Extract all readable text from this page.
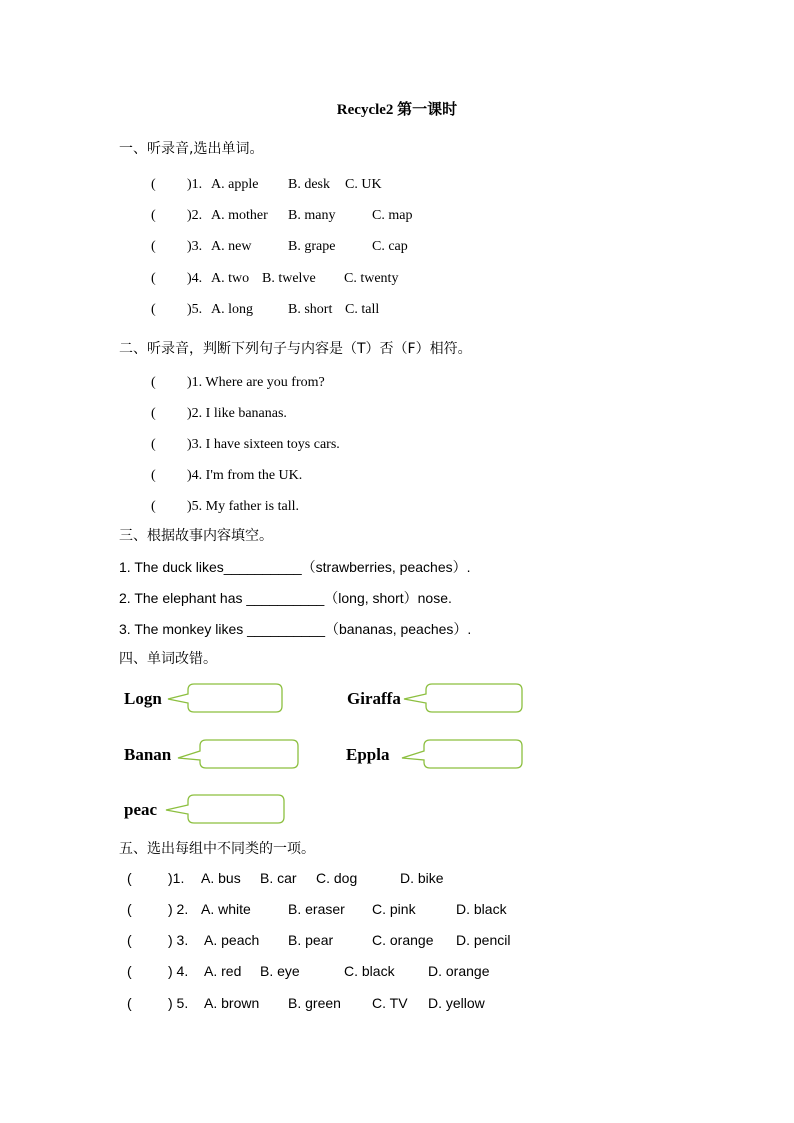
Recycle2 第一课时
一、听录音,选出单词。
( )1. A. apple B. desk C. UK
( )2. A. mother B. many	C. map
( )3. A. new	B. grape	C. cap
( )4. A. two B. twelve C. twenty
( )5. A. long	B. short C. tall
二、听录音，判断下列句子与内容是（T）否（F）相符。
( )1. Where are you from?
( )2. I like bananas.
( )3. I have sixteen toys cars.
( )4. I'm from the UK.
( )5. My father is tall.
三、根据故事内容填空。
1. The duck likes__________（strawberries, peaches）.
2. The elephant has __________（long, short）nose.
3. The monkey likes __________（bananas, peaches）.
四、单词改错。
Logn	Giraffa
Banan	Eppla
peac
五、选出每组中不同类的一项。
(	)1. A. bus B. car C. dog	D. bike
(	) 2. A. white	B. eraser C. pink	D. black
(	) 3. A. peach B. pear	C. orange D. pencil
(	) 4. A. red B. eye	C. black D. orange
(	) 5. A. brown B. green C. TV D. yellow
